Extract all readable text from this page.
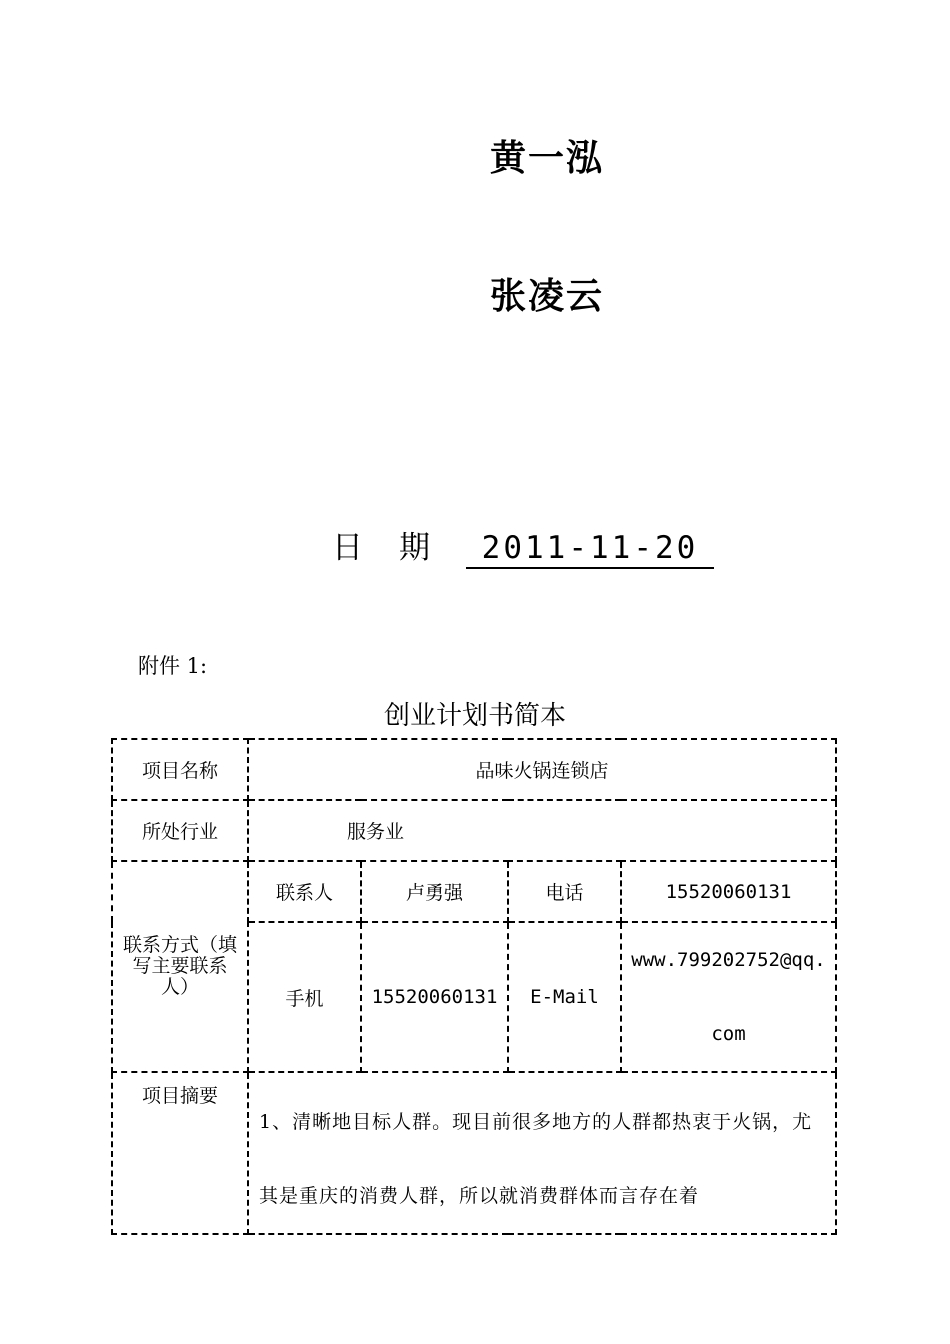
黄一泓
张凌云
日期 2011-11-20
附件 1:
创业计划书简本
项目名称	品味火锅连锁店			
所处行业	服务业			
联系方式（填写主要联系人）	联系人	卢勇强	电话	15520060131
	手机	15520060131	E-Mail	www.799202752@qq.
com

项目摘要	1、清晰地目标人群。现目前很多地方的人群都热衷于火锅，尤其是重庆的消费人群，所以就消费群体而言存在着			
